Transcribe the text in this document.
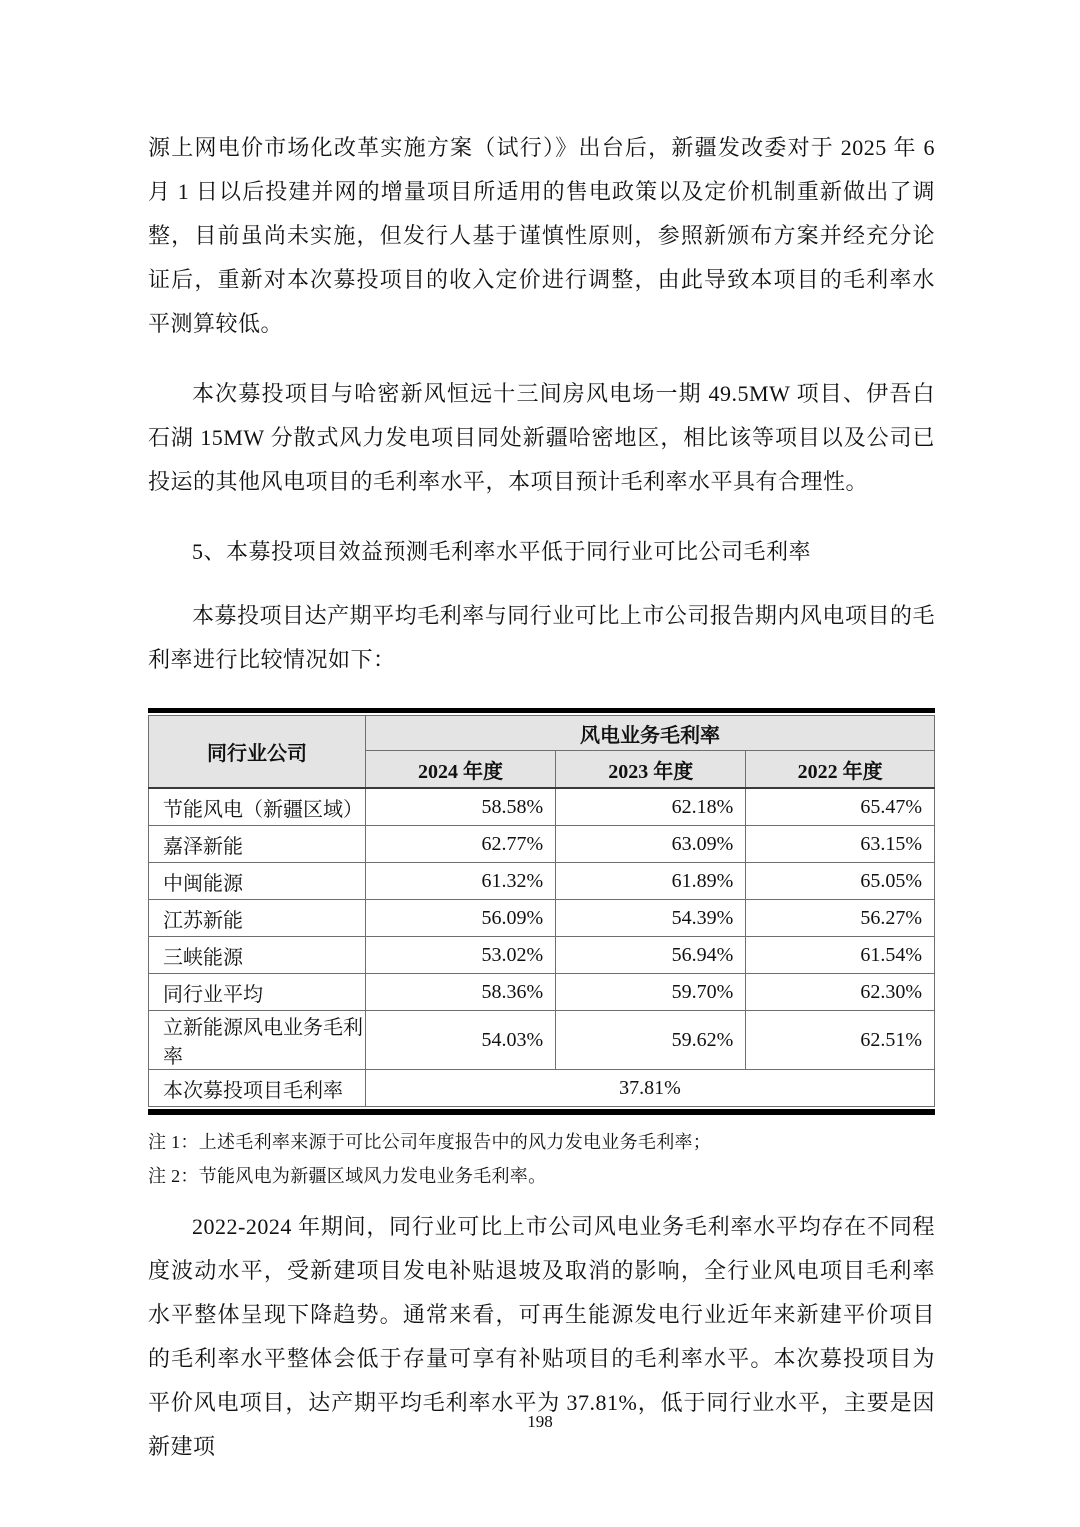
源上网电价市场化改革实施方案（试行）》出台后，新疆发改委对于 2025 年 6 月 1 日以后投建并网的增量项目所适用的售电政策以及定价机制重新做出了调整，目前虽尚未实施，但发行人基于谨慎性原则，参照新颁布方案并经充分论证后，重新对本次募投项目的收入定价进行调整，由此导致本项目的毛利率水平测算较低。

本次募投项目与哈密新风恒远十三间房风电场一期 49.5MW 项目、伊吾白石湖 15MW 分散式风力发电项目同处新疆哈密地区，相比该等项目以及公司已投运的其他风电项目的毛利率水平，本项目预计毛利率水平具有合理性。

5、本募投项目效益预测毛利率水平低于同行业可比公司毛利率

本募投项目达产期平均毛利率与同行业可比上市公司报告期内风电项目的毛利率进行比较情况如下：

同行业公司	风电业务毛利率		
	2024 年度	2023 年度	2022 年度
节能风电（新疆区域）	58.58%	62.18%	65.47%
嘉泽新能	62.77%	63.09%	63.15%
中闽能源	61.32%	61.89%	65.05%
江苏新能	56.09%	54.39%	56.27%
三峡能源	53.02%	56.94%	61.54%
同行业平均	58.36%	59.70%	62.30%
立新能源风电业务毛利率	54.03%	59.62%	62.51%
本次募投项目毛利率	37.81%		

注 1：上述毛利率来源于可比公司年度报告中的风力发电业务毛利率；

注 2：节能风电为新疆区域风力发电业务毛利率。

2022-2024 年期间，同行业可比上市公司风电业务毛利率水平均存在不同程度波动水平，受新建项目发电补贴退坡及取消的影响，全行业风电项目毛利率水平整体呈现下降趋势。通常来看，可再生能源发电行业近年来新建平价项目的毛利率水平整体会低于存量可享有补贴项目的毛利率水平。本次募投项目为平价风电项目，达产期平均毛利率水平为 37.81%，低于同行业水平，主要是因新建项

198
